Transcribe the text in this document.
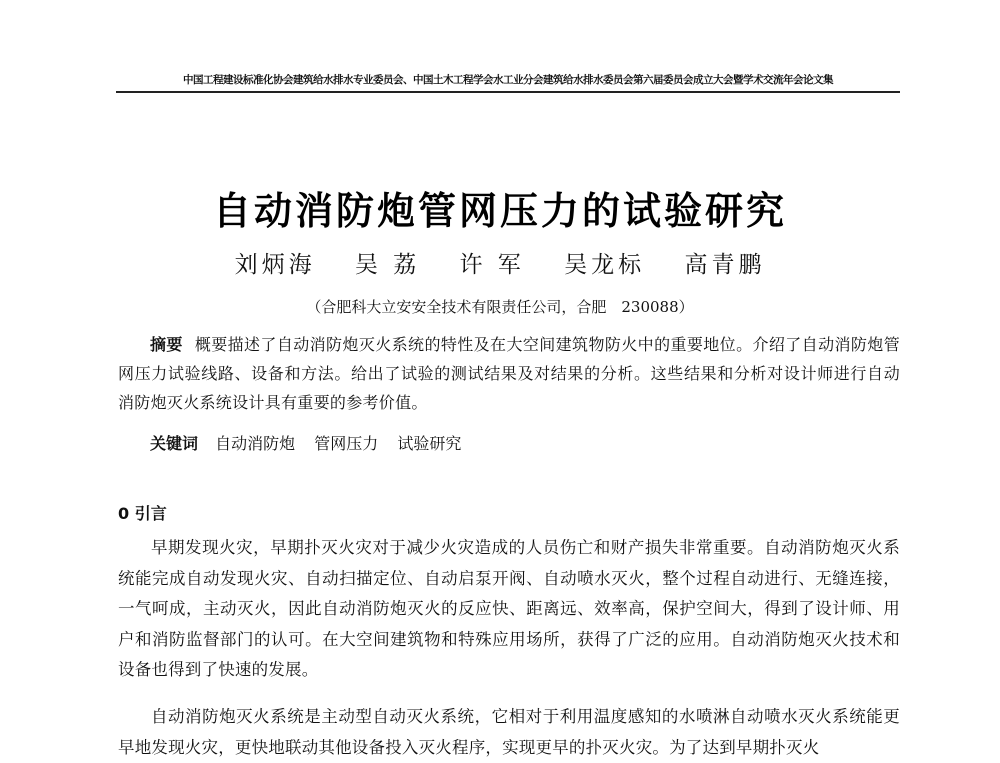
中国工程建设标准化协会建筑给水排水专业委员会、中国土木工程学会水工业分会建筑给水排水委员会第六届委员会成立大会暨学术交流年会论文集
自动消防炮管网压力的试验研究
刘炳海 吴 荔 许 军 吴龙标 高青鹏
（合肥科大立安安全技术有限责任公司，合肥　230088）
摘要 概要描述了自动消防炮灭火系统的特性及在大空间建筑物防火中的重要地位。介绍了自动消防炮管网压力试验线路、设备和方法。给出了试验的测试结果及对结果的分析。这些结果和分析对设计师进行自动消防炮灭火系统设计具有重要的参考价值。
关键词 自动消防炮 管网压力 试验研究
0 引言
早期发现火灾，早期扑灭火灾对于减少火灾造成的人员伤亡和财产损失非常重要。自动消防炮灭火系统能完成自动发现火灾、自动扫描定位、自动启泵开阀、自动喷水灭火，整个过程自动进行、无缝连接，一气呵成，主动灭火，因此自动消防炮灭火的反应快、距离远、效率高，保护空间大，得到了设计师、用户和消防监督部门的认可。在大空间建筑物和特殊应用场所，获得了广泛的应用。自动消防炮灭火技术和设备也得到了快速的发展。
自动消防炮灭火系统是主动型自动灭火系统，它相对于利用温度感知的水喷淋自动喷水灭火系统能更早地发现火灾，更快地联动其他设备投入灭火程序，实现更早的扑灭火灾。为了达到早期扑灭火
